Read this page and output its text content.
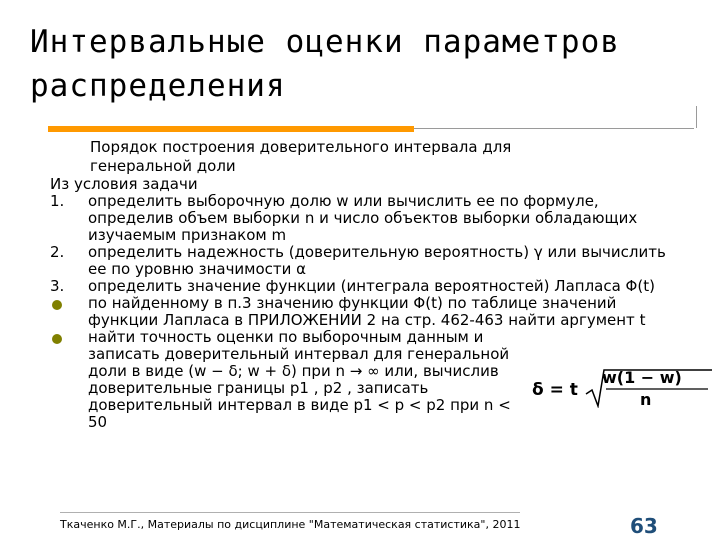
Интервальные оценки параметров распределения
Порядок построения доверительного интервала для генеральной доли
Из условия задачи
1.	определить выборочную долю w или вычислить ее по формуле, определив объем выборки n и число объектов выборки обладающих изучаемым признаком m
2.	определить надежность (доверительную вероятность) γ или вычислить ее по уровню значимости α
3.	определить значение функции (интеграла вероятностей) Лапласа Φ(t)
по найденному в п.3 значению функции Φ(t) по таблице значений функции Лапласа в ПРИЛОЖЕНИИ 2 на стр. 462-463 найти аргумент t
найти точность оценки по выборочным данным и записать доверительный интервал для генеральной доли в виде (w − δ; w + δ) при n → ∞ или, вычислив доверительные границы p1 , p2 , записать доверительный интервал в виде p1 < p < p2 при n < 50
δ = t
w(1 − w)
n
Ткаченко М.Г., Материалы по дисциплине "Математическая статистика", 2011	63
